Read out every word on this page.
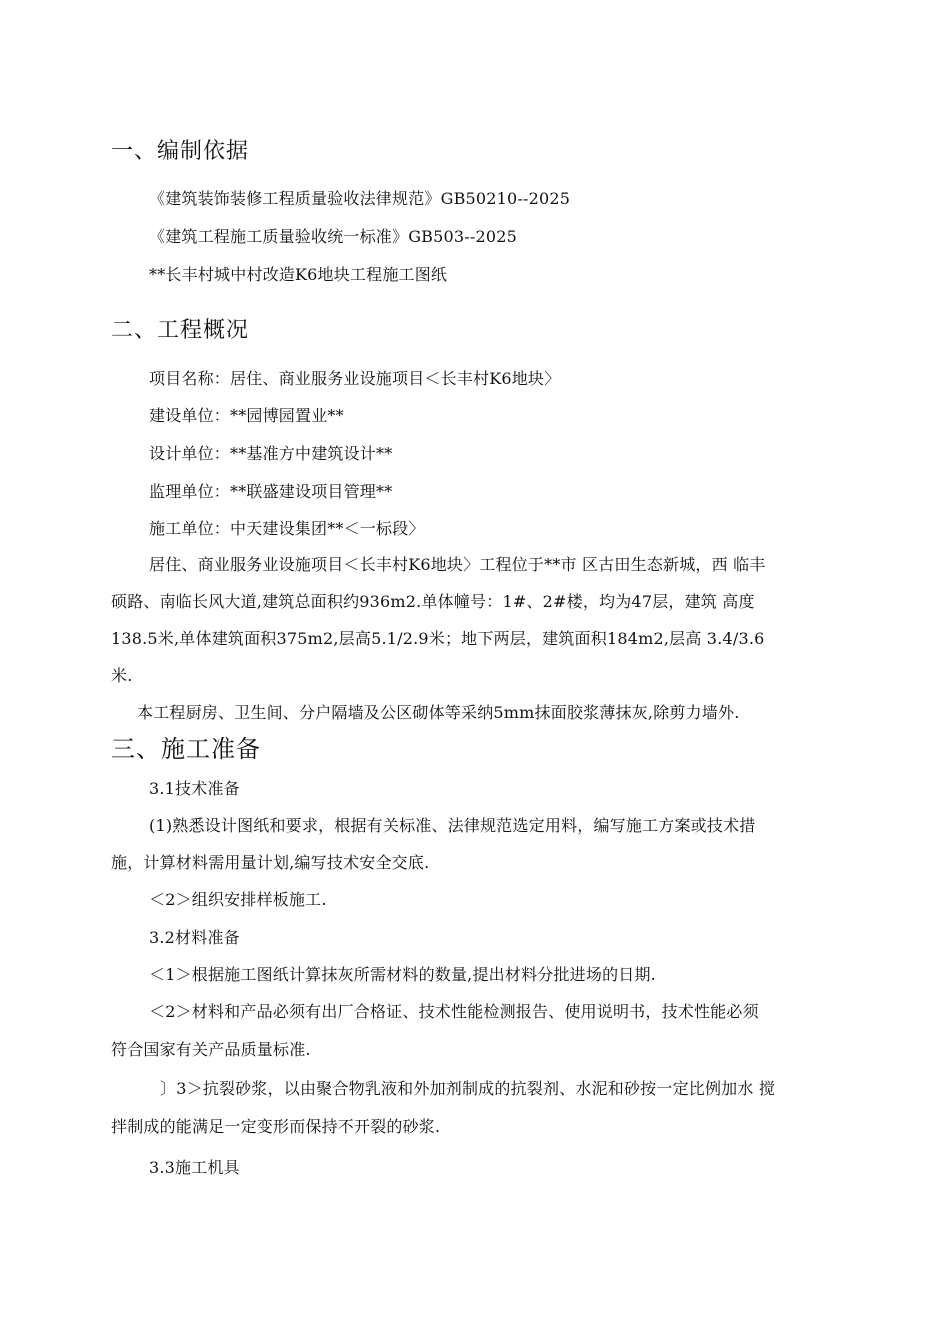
一、编制依据
《建筑装饰装修工程质量验收法律规范》GB50210--2025
《建筑工程施工质量验收统一标准》GB503--2025
**长丰村城中村改造K6地块工程施工图纸
二、工程概况
项目名称：居住、商业服务业设施项目＜长丰村K6地块〉
建设单位：**园博园置业**
设计单位：**基准方中建筑设计**
监理单位：**联盛建设项目管理**
施工单位：中天建设集团**＜一标段〉
居住、商业服务业设施项目＜长丰村K6地块〉工程位于**市 区古田生态新城，西 临丰
硕路、南临长风大道,建筑总面积约936m2.单体幢号：1#、2#楼，均为47层，建筑 高度
138.5米,单体建筑面积375m2,层高5.1/2.9米；地下两层，建筑面积184m2,层高 3.4/3.6
米.
本工程厨房、卫生间、分户隔墙及公区砌体等采纳5mm抹面胶浆薄抹灰,除剪力墙外.
三、施工准备
3.1技术准备
(1)熟悉设计图纸和要求，根据有关标准、法律规范选定用料，编写施工方案或技术措
施，计算材料需用量计划,编写技术安全交底.
＜2＞组织安排样板施工.
3.2材料准备
＜1＞根据施工图纸计算抹灰所需材料的数量,提出材料分批进场的日期.
＜2＞材料和产品必须有出厂合格证、技术性能检测报告、使用说明书，技术性能必须
符合国家有关产品质量标准.
〕3＞抗裂砂浆，以由聚合物乳液和外加剂制成的抗裂剂、水泥和砂按一定比例加水 搅
拌制成的能满足一定变形而保持不开裂的砂浆.
3.3施工机具
